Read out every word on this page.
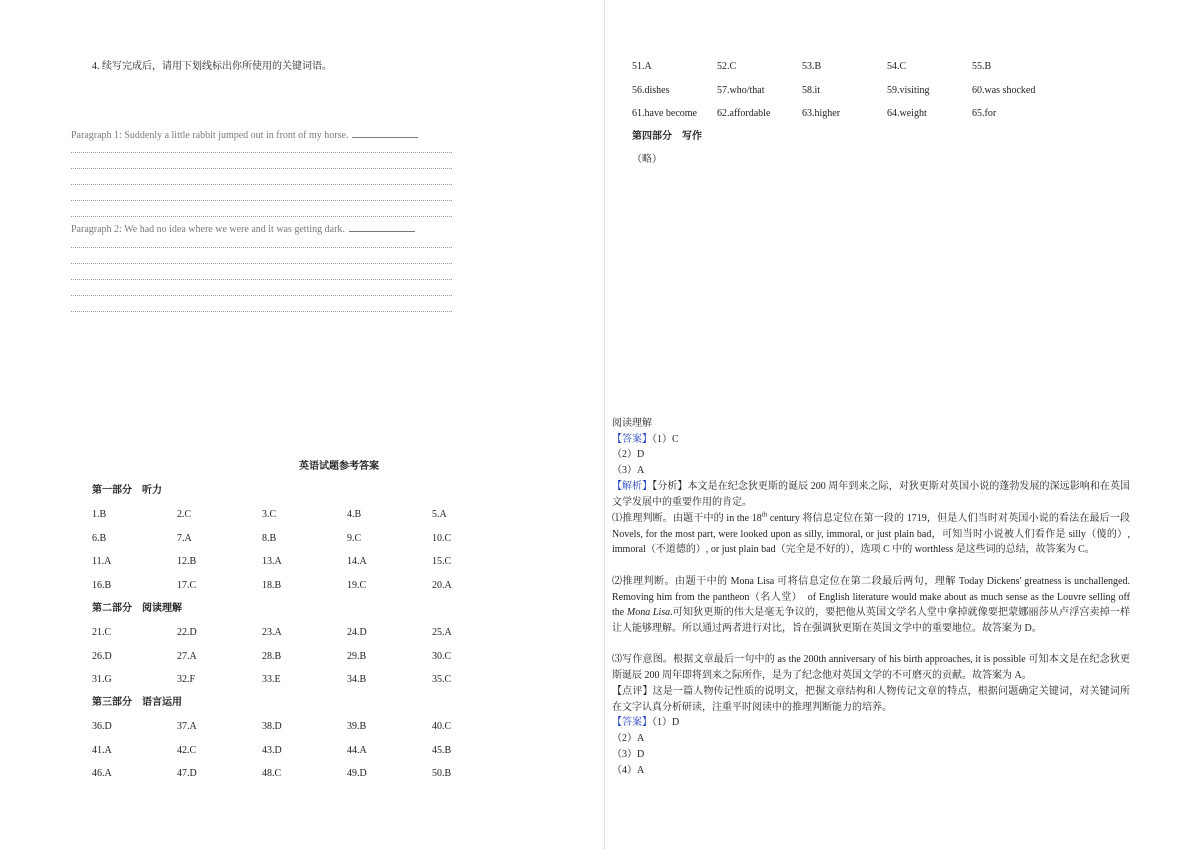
4. 续写完成后，请用下划线标出你所使用的关键词语。
Paragraph 1: Suddenly a little rabbit jumped out in front of my horse.
Paragraph 2: We had no idea where we were and it was getting dark.
英语试题参考答案
第一部分　听力
1.B	2.C	3.C	4.B	5.A
6.B	7.A	8.B	9.C	10.C
11.A	12.B	13.A	14.A	15.C
16.B	17.C	18.B	19.C	20.A
第二部分　阅读理解
21.C	22.D	23.A	24.D	25.A
26.D	27.A	28.B	29.B	30.C
31.G	32.F	33.E	34.B	35.C
第三部分　语言运用
36.D	37.A	38.D	39.B	40.C
41.A	42.C	43.D	44.A	45.B
46.A	47.D	48.C	49.D	50.B
51.A	52.C	53.B	54.C	55.B
56.dishes	57.who/that	58.it	59.visiting	60.was shocked
61.have become	62.affordable	63.higher	64.weight	65.for
第四部分　写作
（略）
阅读理解
【答案】（1）C
（2）D
（3）A
【解析】【分析】本文是在纪念狄更斯的诞辰 200 周年到来之际，对狄更斯对英国小说的蓬勃发展的深远影响和在英国文学发展中的重要作用的肯定。
⑴推理判断。由题干中的 in the 18th century 将信息定位在第一段的 1719，但是人们当时对英国小说的看法在最后一段 Novels, for the most part, were looked upon as silly, immoral, or just plain bad，可知当时小说被人们看作是 silly（傻的）, immoral（不道德的）, or just plain bad（完全是不好的），选项 C 中的 worthless 是这些词的总结，故答案为 C。
⑵推理判断。由题干中的 Mona Lisa 可将信息定位在第二段最后两句，理解 Today Dickens' greatness is unchallenged. Removing him from the pantheon（名人堂）　of English literature would make about as much sense as the Louvre selling off the Mona Lisa.可知狄更斯的伟大是毫无争议的，要把他从英国文学名人堂中拿掉就像要把蒙娜丽莎从卢浮宫卖掉一样让人能够理解。所以通过两者进行对比，旨在强调狄更斯在英国文学中的重要地位。故答案为 D。
⑶写作意图。根据文章最后一句中的 as the 200th anniversary of his birth approaches, it is possible 可知本文是在纪念狄更斯诞辰 200 周年即将到来之际所作，是为了纪念他对英国文学的不可磨灭的贡献。故答案为 A。
【点评】这是一篇人物传记性质的说明文，把握文章结构和人物传记文章的特点，根据问题确定关键词，对关键词所在文字认真分析研读，注重平时阅读中的推理判断能力的培养。
【答案】（1）D
（2）A
（3）D
（4）A
